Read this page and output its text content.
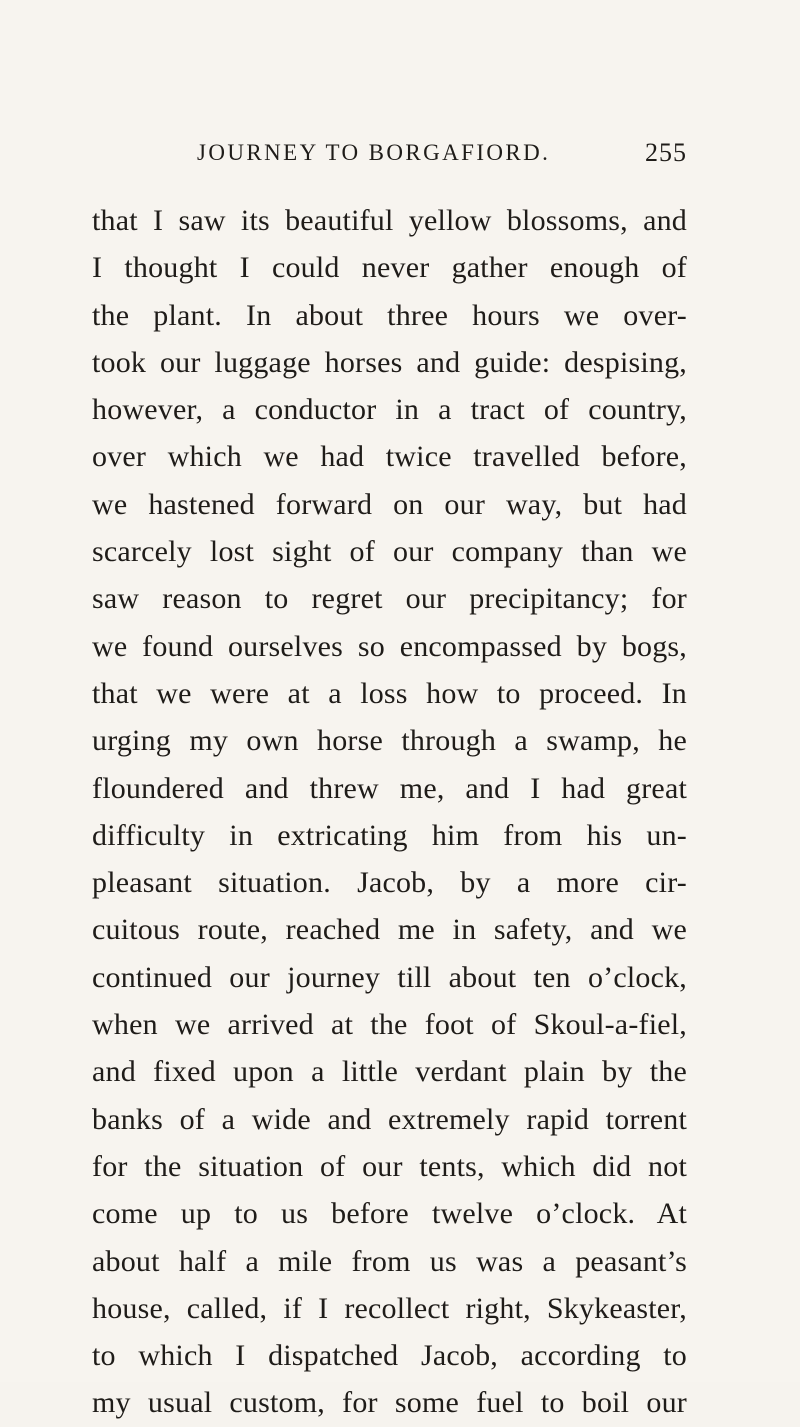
JOURNEY TO BORGAFIORD.	255
that I saw its beautiful yellow blossoms, and
I thought I could never gather enough of
the plant. In about three hours we over-
took our luggage horses and guide: despising,
however, a conductor in a tract of country,
over which we had twice travelled before,
we hastened forward on our way, but had
scarcely lost sight of our company than we
saw reason to regret our precipitancy; for
we found ourselves so encompassed by bogs,
that we were at a loss how to proceed. In
urging my own horse through a swamp, he
floundered and threw me, and I had great
difficulty in extricating him from his un-
pleasant situation. Jacob, by a more cir-
cuitous route, reached me in safety, and we
continued our journey till about ten o’clock,
when we arrived at the foot of Skoul-a-fiel,
and fixed upon a little verdant plain by the
banks of a wide and extremely rapid torrent
for the situation of our tents, which did not
come up to us before twelve o’clock. At
about half a mile from us was a peasant’s
house, called, if I recollect right, Skykeaster,
to which I dispatched Jacob, according to
my usual custom, for some fuel to boil our
